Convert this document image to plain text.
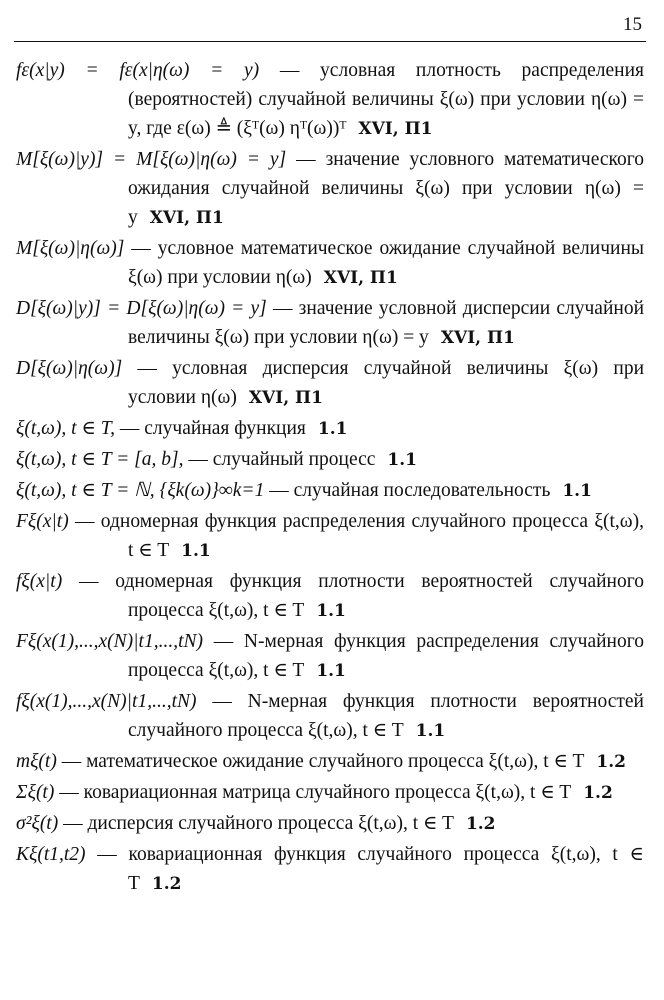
15

fε(x|y) = fε(x|η(ω) = y) — условная плотность распределения (вероятностей) случайной величины ξ(ω) при условии η(ω) = y, где ε(ω) ≜ (ξᵀ(ω) ηᵀ(ω))ᵀ XVI, П1

M[ξ(ω)|y)] = M[ξ(ω)|η(ω) = y] — значение условного математического ожидания случайной величины ξ(ω) при условии η(ω) = y XVI, П1

M[ξ(ω)|η(ω)] — условное математическое ожидание случайной величины ξ(ω) при условии η(ω) XVI, П1

D[ξ(ω)|y)] = D[ξ(ω)|η(ω) = y] — значение условной дисперсии случайной величины ξ(ω) при условии η(ω) = y XVI, П1

D[ξ(ω)|η(ω)] — условная дисперсия случайной величины ξ(ω) при условии η(ω) XVI, П1

ξ(t,ω), t ∈ T, — случайная функция 1.1

ξ(t,ω), t ∈ T = [a, b], — случайный процесс 1.1

ξ(t,ω), t ∈ T = ℕ, {ξk(ω)}∞k=1 — случайная последовательность 1.1

Fξ(x|t) — одномерная функция распределения случайного процесса ξ(t,ω), t ∈ T 1.1

fξ(x|t) — одномерная функция плотности вероятностей случайного процесса ξ(t,ω), t ∈ T 1.1

Fξ(x(1),...,x(N)|t1,...,tN) — N-мерная функция распределения случайного процесса ξ(t,ω), t ∈ T 1.1

fξ(x(1),...,x(N)|t1,...,tN) — N-мерная функция плотности вероятностей случайного процесса ξ(t,ω), t ∈ T 1.1

mξ(t) — математическое ожидание случайного процесса ξ(t,ω), t ∈ T 1.2

Σξ(t) — ковариационная матрица случайного процесса ξ(t,ω), t ∈ T 1.2

σ²ξ(t) — дисперсия случайного процесса ξ(t,ω), t ∈ T 1.2

Kξ(t1,t2) — ковариационная функция случайного процесса ξ(t,ω), t ∈ T 1.2
